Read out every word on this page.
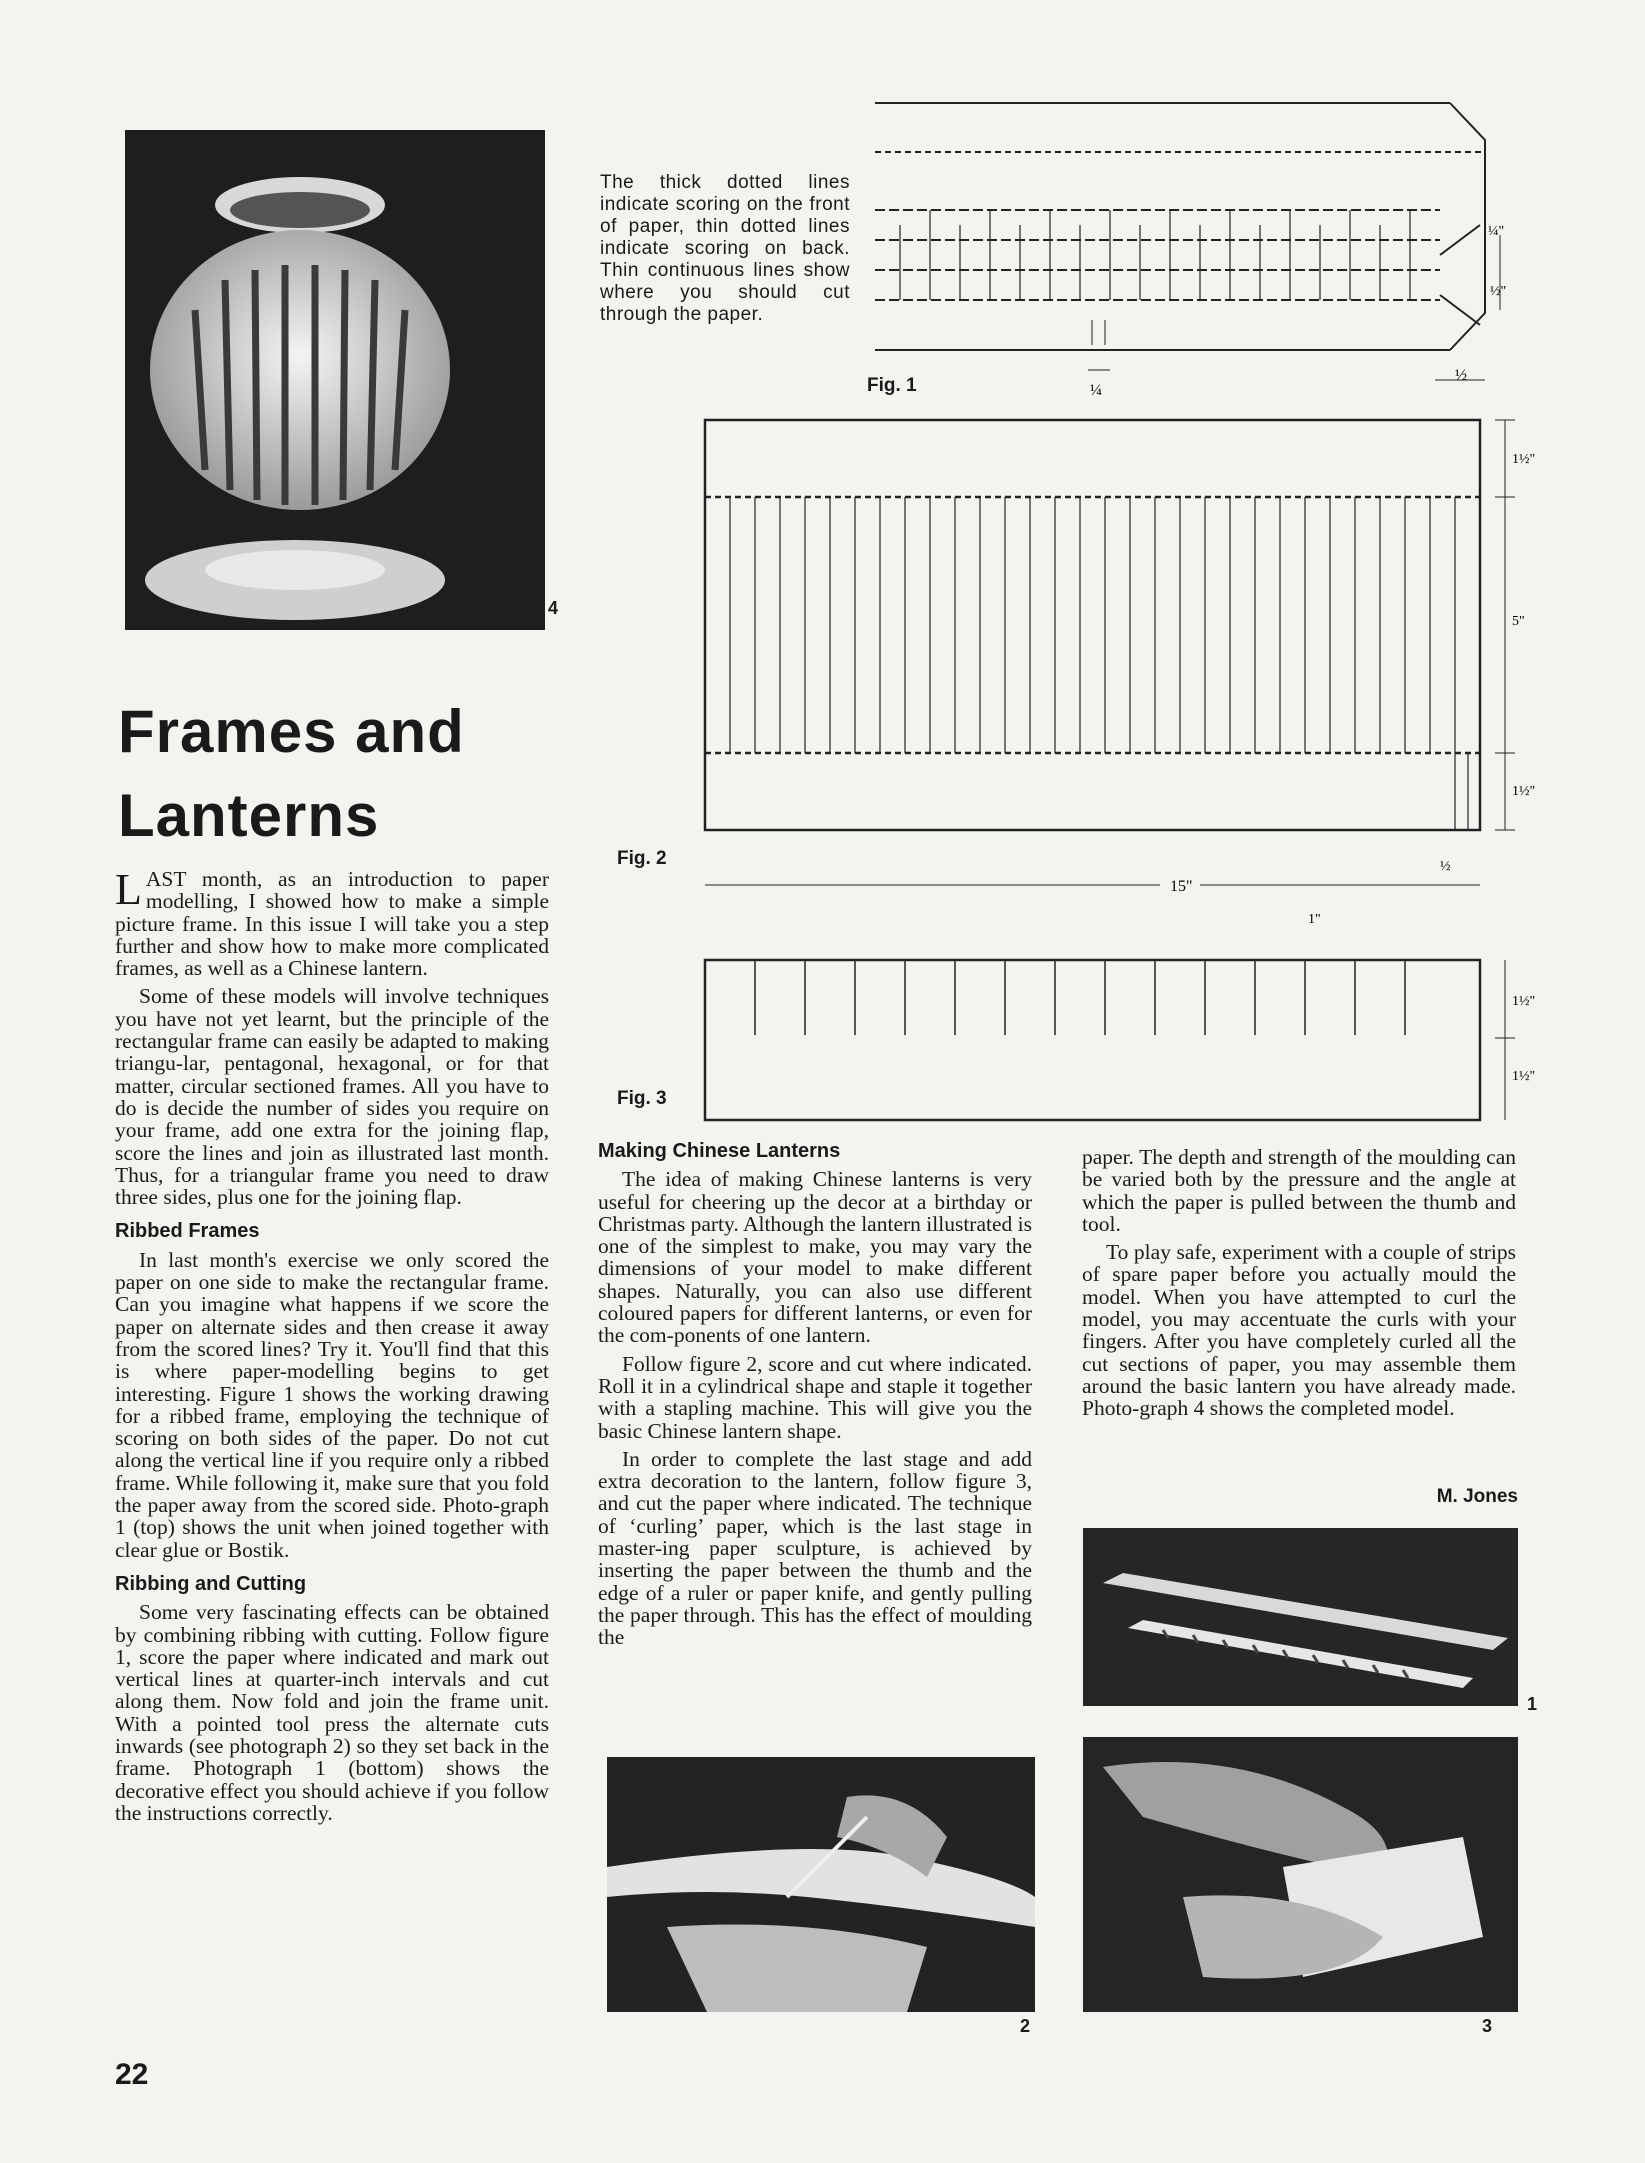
4
Frames and
Lanterns

LAST month, as an introduction to paper modelling, I showed how to make a simple picture frame. In this issue I will take you a step further and show how to make more complicated frames, as well as a Chinese lantern.

Some of these models will involve techniques you have not yet learnt, but the principle of the rectangular frame can easily be adapted to making triangu-lar, pentagonal, hexagonal, or for that matter, circular sectioned frames. All you have to do is decide the number of sides you require on your frame, add one extra for the joining flap, score the lines and join as illustrated last month. Thus, for a triangular frame you need to draw three sides, plus one for the joining flap.

Ribbed Frames

In last month's exercise we only scored the paper on one side to make the rectangular frame. Can you imagine what happens if we score the paper on alternate sides and then crease it away from the scored lines? Try it. You'll find that this is where paper-modelling begins to get interesting. Figure 1 shows the working drawing for a ribbed frame, employing the technique of scoring on both sides of the paper. Do not cut along the vertical line if you require only a ribbed frame. While following it, make sure that you fold the paper away from the scored side. Photo-graph 1 (top) shows the unit when joined together with clear glue or Bostik.

Ribbing and Cutting

Some very fascinating effects can be obtained by combining ribbing with cutting. Follow figure 1, score the paper where indicated and mark out vertical lines at quarter-inch intervals and cut along them. Now fold and join the frame unit. With a pointed tool press the alternate cuts inwards (see photograph 2) so they set back in the frame. Photograph 1 (bottom) shows the decorative effect you should achieve if you follow the instructions correctly.

22
The thick dotted lines indicate scoring on the front of paper, thin dotted lines indicate scoring on back. Thin continuous lines show where you should cut through the paper.
¼
½
¼"
½"
Fig. 1
15"
½
1½"
5"
1½"
1"
Fig. 2
1½"
1½"
Fig. 3
Making Chinese Lanterns

The idea of making Chinese lanterns is very useful for cheering up the decor at a birthday or Christmas party. Although the lantern illustrated is one of the simplest to make, you may vary the dimensions of your model to make different shapes. Naturally, you can also use different coloured papers for different lanterns, or even for the com-ponents of one lantern.

Follow figure 2, score and cut where indicated. Roll it in a cylindrical shape and staple it together with a stapling machine. This will give you the basic Chinese lantern shape.

In order to complete the last stage and add extra decoration to the lantern, follow figure 3, and cut the paper where indicated. The technique of ‘curling’ paper, which is the last stage in master-ing paper sculpture, is achieved by inserting the paper between the thumb and the edge of a ruler or paper knife, and gently pulling the paper through. This has the effect of moulding the

paper. The depth and strength of the moulding can be varied both by the pressure and the angle at which the paper is pulled between the thumb and tool.

To play safe, experiment with a couple of strips of spare paper before you actually mould the model. When you have attempted to curl the model, you may accentuate the curls with your fingers. After you have completely curled all the cut sections of paper, you may assemble them around the basic lantern you have already made. Photo-graph 4 shows the completed model.

M. Jones
1
2	3
